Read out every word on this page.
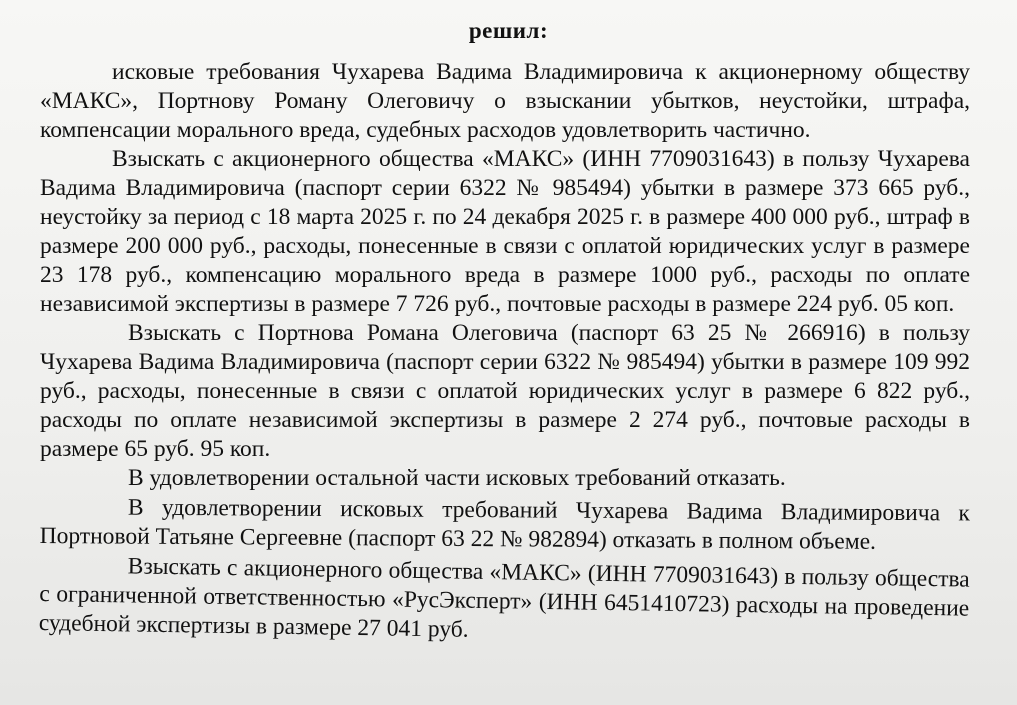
решил:

исковые требования Чухарева Вадима Владимировича к акционерному обществу «МАКС», Портнову Роману Олеговичу о взыскании убытков, неустойки, штрафа, компенсации морального вреда, судебных расходов удовлетворить частично.

Взыскать с акционерного общества «МАКС» (ИНН 7709031643) в пользу Чухарева Вадима Владимировича (паспорт серии 6322 № 985494) убытки в размере 373 665 руб., неустойку за период с 18 марта 2025 г. по 24 декабря 2025 г. в размере 400 000 руб., штраф в размере 200 000 руб., расходы, понесенные в связи с оплатой юридических услуг в размере 23 178 руб., компенсацию морального вреда в размере 1000 руб., расходы по оплате независимой экспертизы в размере 7 726 руб., почтовые расходы в размере 224 руб. 05 коп.

Взыскать с Портнова Романа Олеговича (паспорт 63 25 № 266916) в пользу Чухарева Вадима Владимировича (паспорт серии 6322 № 985494) убытки в размере 109 992 руб., расходы, понесенные в связи с оплатой юридических услуг в размере 6 822 руб., расходы по оплате независимой экспертизы в размере 2 274 руб., почтовые расходы в размере 65 руб. 95 коп.

В удовлетворении остальной части исковых требований отказать.

В удовлетворении исковых требований Чухарева Вадима Владимировича к Портновой Татьяне Сергеевне (паспорт 63 22 № 982894) отказать в полном объеме.

Взыскать с акционерного общества «МАКС» (ИНН 7709031643) в пользу общества с ограниченной ответственностью «РусЭксперт» (ИНН 6451410723) расходы на проведение судебной экспертизы в размере 27 041 руб.
